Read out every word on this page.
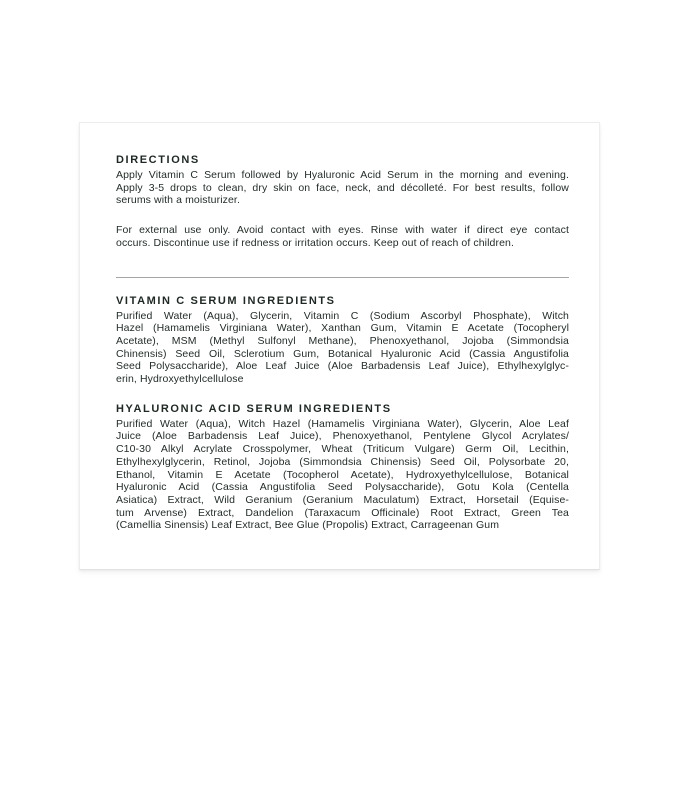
DIRECTIONS
Apply Vitamin C Serum followed by Hyaluronic Acid Serum in the morning and evening.
Apply 3-5 drops to clean, dry skin on face, neck, and décolleté. For best results, follow
serums with a moisturizer.
For external use only. Avoid contact with eyes. Rinse with water if direct eye contact
occurs. Discontinue use if redness or irritation occurs. Keep out of reach of children.
VITAMIN C SERUM INGREDIENTS
Purified Water (Aqua), Glycerin, Vitamin C (Sodium Ascorbyl Phosphate), Witch
Hazel (Hamamelis Virginiana Water), Xanthan Gum, Vitamin E Acetate (Tocopheryl
Acetate), MSM (Methyl Sulfonyl Methane), Phenoxyethanol, Jojoba (Simmondsia
Chinensis) Seed Oil, Sclerotium Gum, Botanical Hyaluronic Acid (Cassia Angustifolia
Seed Polysaccharide), Aloe Leaf Juice (Aloe Barbadensis Leaf Juice), Ethylhexylglyc-
erin, Hydroxyethylcellulose
HYALURONIC ACID SERUM INGREDIENTS
Purified Water (Aqua), Witch Hazel (Hamamelis Virginiana Water), Glycerin, Aloe Leaf
Juice (Aloe Barbadensis Leaf Juice), Phenoxyethanol, Pentylene Glycol Acrylates/
C10-30 Alkyl Acrylate Crosspolymer, Wheat (Triticum Vulgare) Germ Oil, Lecithin,
Ethylhexylglycerin, Retinol, Jojoba (Simmondsia Chinensis) Seed Oil, Polysorbate 20,
Ethanol, Vitamin E Acetate (Tocopherol Acetate), Hydroxyethylcellulose, Botanical
Hyaluronic Acid (Cassia Angustifolia Seed Polysaccharide), Gotu Kola (Centella
Asiatica) Extract, Wild Geranium (Geranium Maculatum) Extract, Horsetail (Equise-
tum Arvense) Extract, Dandelion (Taraxacum Officinale) Root Extract, Green Tea
(Camellia Sinensis) Leaf Extract, Bee Glue (Propolis) Extract, Carrageenan Gum
